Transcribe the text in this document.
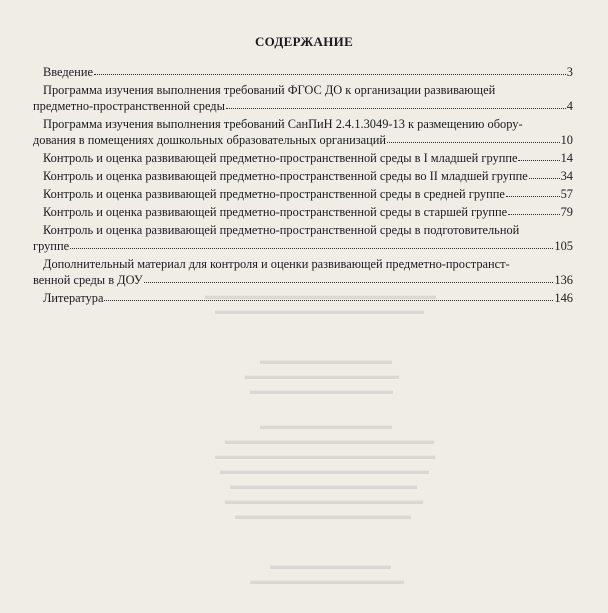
▬▬▬▬▬▬▬▬▬▬▬▬▬▬▬▬▬▬▬▬▬
▬▬▬▬▬▬▬▬▬▬▬▬▬▬▬▬▬▬▬
▬▬▬▬▬▬▬▬▬▬▬▬
▬▬▬▬▬▬▬▬▬▬▬▬▬▬
▬▬▬▬▬▬▬▬▬▬▬▬▬
▬▬▬▬▬▬▬▬▬▬▬▬
▬▬▬▬▬▬▬▬▬▬▬▬▬▬▬▬▬▬▬
▬▬▬▬▬▬▬▬▬▬▬▬▬▬▬▬▬▬▬▬
▬▬▬▬▬▬▬▬▬▬▬▬▬▬▬▬▬▬▬
▬▬▬▬▬▬▬▬▬▬▬▬▬▬▬▬▬
▬▬▬▬▬▬▬▬▬▬▬▬▬▬▬▬▬▬
▬▬▬▬▬▬▬▬▬▬▬▬▬▬▬▬
▬▬▬▬▬▬▬▬▬▬▬
▬▬▬▬▬▬▬▬▬▬▬▬▬▬
СОДЕРЖАНИЕ
Введение	3
Программа изучения выполнения требований ФГОС ДО к организации развивающей
предметно-пространственной среды	4
Программа изучения выполнения требований СанПиН 2.4.1.3049-13 к размещению обору-
дования в помещениях дошкольных образовательных организаций	10
Контроль и оценка развивающей предметно-пространственной среды в I младшей группе	14
Контроль и оценка развивающей предметно-пространственной среды во II младшей группе	34
Контроль и оценка развивающей предметно-пространственной среды в средней группе	57
Контроль и оценка развивающей предметно-пространственной среды в старшей группе	79
Контроль и оценка развивающей предметно-пространственной среды в подготовительной
группе	105
Дополнительный материал для контроля и оценки развивающей предметно-пространст-
венной среды в ДОУ	136
Литература	146
